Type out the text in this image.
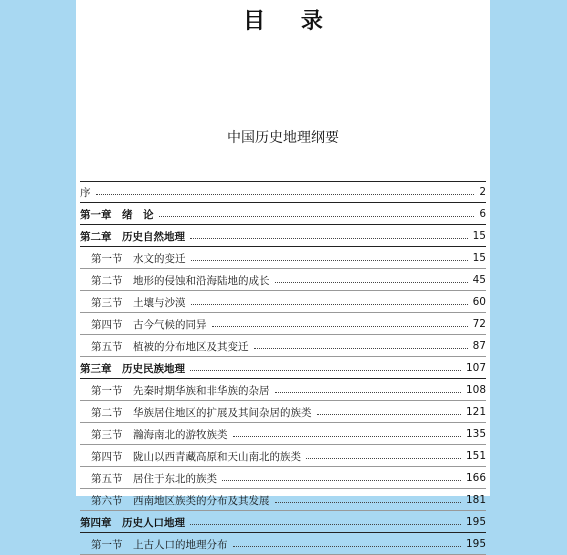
目 录
中国历史地理纲要
序	2
第一章　绪　论	6
第二章　历史自然地理	15
第一节　水文的变迁	15
第二节　地形的侵蚀和沿海陆地的成长	45
第三节　土壤与沙漠	60
第四节　古今气候的同异	72
第五节　植被的分布地区及其变迁	87
第三章　历史民族地理	107
第一节　先秦时期华族和非华族的杂居	108
第二节　华族居住地区的扩展及其间杂居的族类	121
第三节　瀚海南北的游牧族类	135
第四节　陇山以西青藏高原和天山南北的族类	151
第五节　居住于东北的族类	166
第六节　西南地区族类的分布及其发展	181
第四章　历史人口地理	195
第一节　上古人口的地理分布	195
